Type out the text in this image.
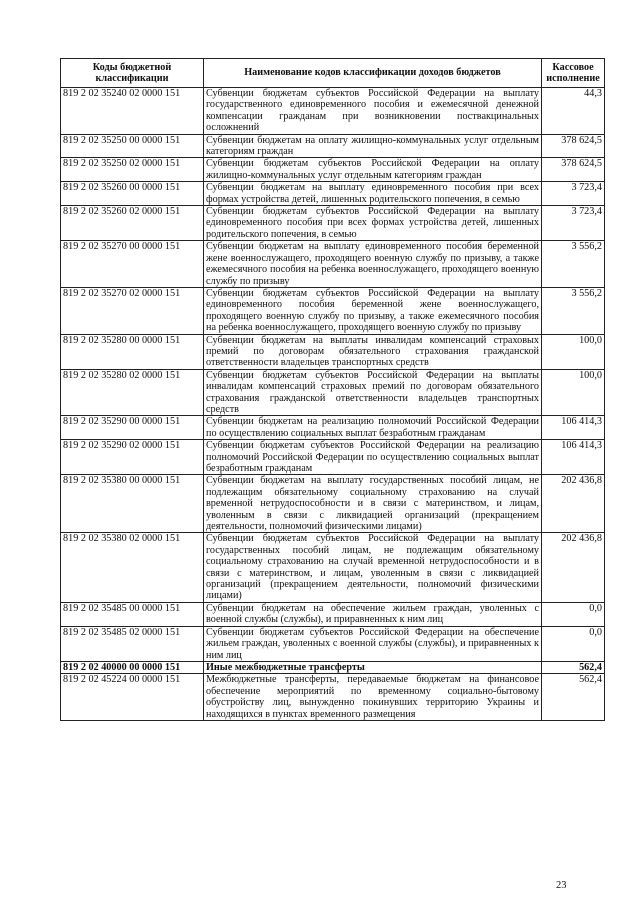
Коды бюджетной классификации	Наименование кодов классификации доходов бюджетов	Кассовое исполнение
819 2 02 35240 02 0000 151	Субвенции бюджетам субъектов Российской Федерации на выплату государственного единовременного пособия и ежемесячной денежной компенсации гражданам при возникновении поствакцинальных осложнений	44,3
819 2 02 35250 00 0000 151	Субвенции бюджетам на оплату жилищно-коммунальных услуг отдельным категориям граждан	378 624,5
819 2 02 35250 02 0000 151	Субвенции бюджетам субъектов Российской Федерации на оплату жилищно-коммунальных услуг отдельным категориям граждан	378 624,5
819 2 02 35260 00 0000 151	Субвенции бюджетам на выплату единовременного пособия при всех формах устройства детей, лишенных родительского попечения, в семью	3 723,4
819 2 02 35260 02 0000 151	Субвенции бюджетам субъектов Российской Федерации на выплату единовременного пособия при всех формах устройства детей, лишенных родительского попечения, в семью	3 723,4
819 2 02 35270 00 0000 151	Субвенции бюджетам на выплату единовременного пособия беременной жене военнослужащего, проходящего военную службу по призыву, а также ежемесячного пособия на ребенка военнослужащего, проходящего военную службу по призыву	3 556,2
819 2 02 35270 02 0000 151	Субвенции бюджетам субъектов Российской Федерации на выплату единовременного пособия беременной жене военнослужащего, проходящего военную службу по призыву, а также ежемесячного пособия на ребенка военнослужащего, проходящего военную службу по призыву	3 556,2
819 2 02 35280 00 0000 151	Субвенции бюджетам на выплаты инвалидам компенсаций страховых премий по договорам обязательного страхования гражданской ответственности владельцев транспортных средств	100,0
819 2 02 35280 02 0000 151	Субвенции бюджетам субъектов Российской Федерации на выплаты инвалидам компенсаций страховых премий по договорам обязательного страхования гражданской ответственности владельцев транспортных средств	100,0
819 2 02 35290 00 0000 151	Субвенции бюджетам на реализацию полномочий Российской Федерации по осуществлению социальных выплат безработным гражданам	106 414,3
819 2 02 35290 02 0000 151	Субвенции бюджетам субъектов Российской Федерации на реализацию полномочий Российской Федерации по осуществлению социальных выплат безработным гражданам	106 414,3
819 2 02 35380 00 0000 151	Субвенции бюджетам на выплату государственных пособий лицам, не подлежащим обязательному социальному страхованию на случай временной нетрудоспособности и в связи с материнством, и лицам, уволенным в связи с ликвидацией организаций (прекращением деятельности, полномочий физическими лицами)	202 436,8
819 2 02 35380 02 0000 151	Субвенции бюджетам субъектов Российской Федерации на выплату государственных пособий лицам, не подлежащим обязательному социальному страхованию на случай временной нетрудоспособности и в связи с материнством, и лицам, уволенным в связи с ликвидацией организаций (прекращением деятельности, полномочий физическими лицами)	202 436,8
819 2 02 35485 00 0000 151	Субвенции бюджетам на обеспечение жильем граждан, уволенных с военной службы (службы), и приравненных к ним лиц	0,0
819 2 02 35485 02 0000 151	Субвенции бюджетам субъектов Российской Федерации на обеспечение жильем граждан, уволенных с военной службы (службы), и приравненных к ним лиц	0,0
819 2 02 40000 00 0000 151	Иные межбюджетные трансферты	562,4
819 2 02 45224 00 0000 151	Межбюджетные трансферты, передаваемые бюджетам на финансовое обеспечение мероприятий по временному социально-бытовому обустройству лиц, вынужденно покинувших территорию Украины и находящихся в пунктах временного размещения	562,4
23
